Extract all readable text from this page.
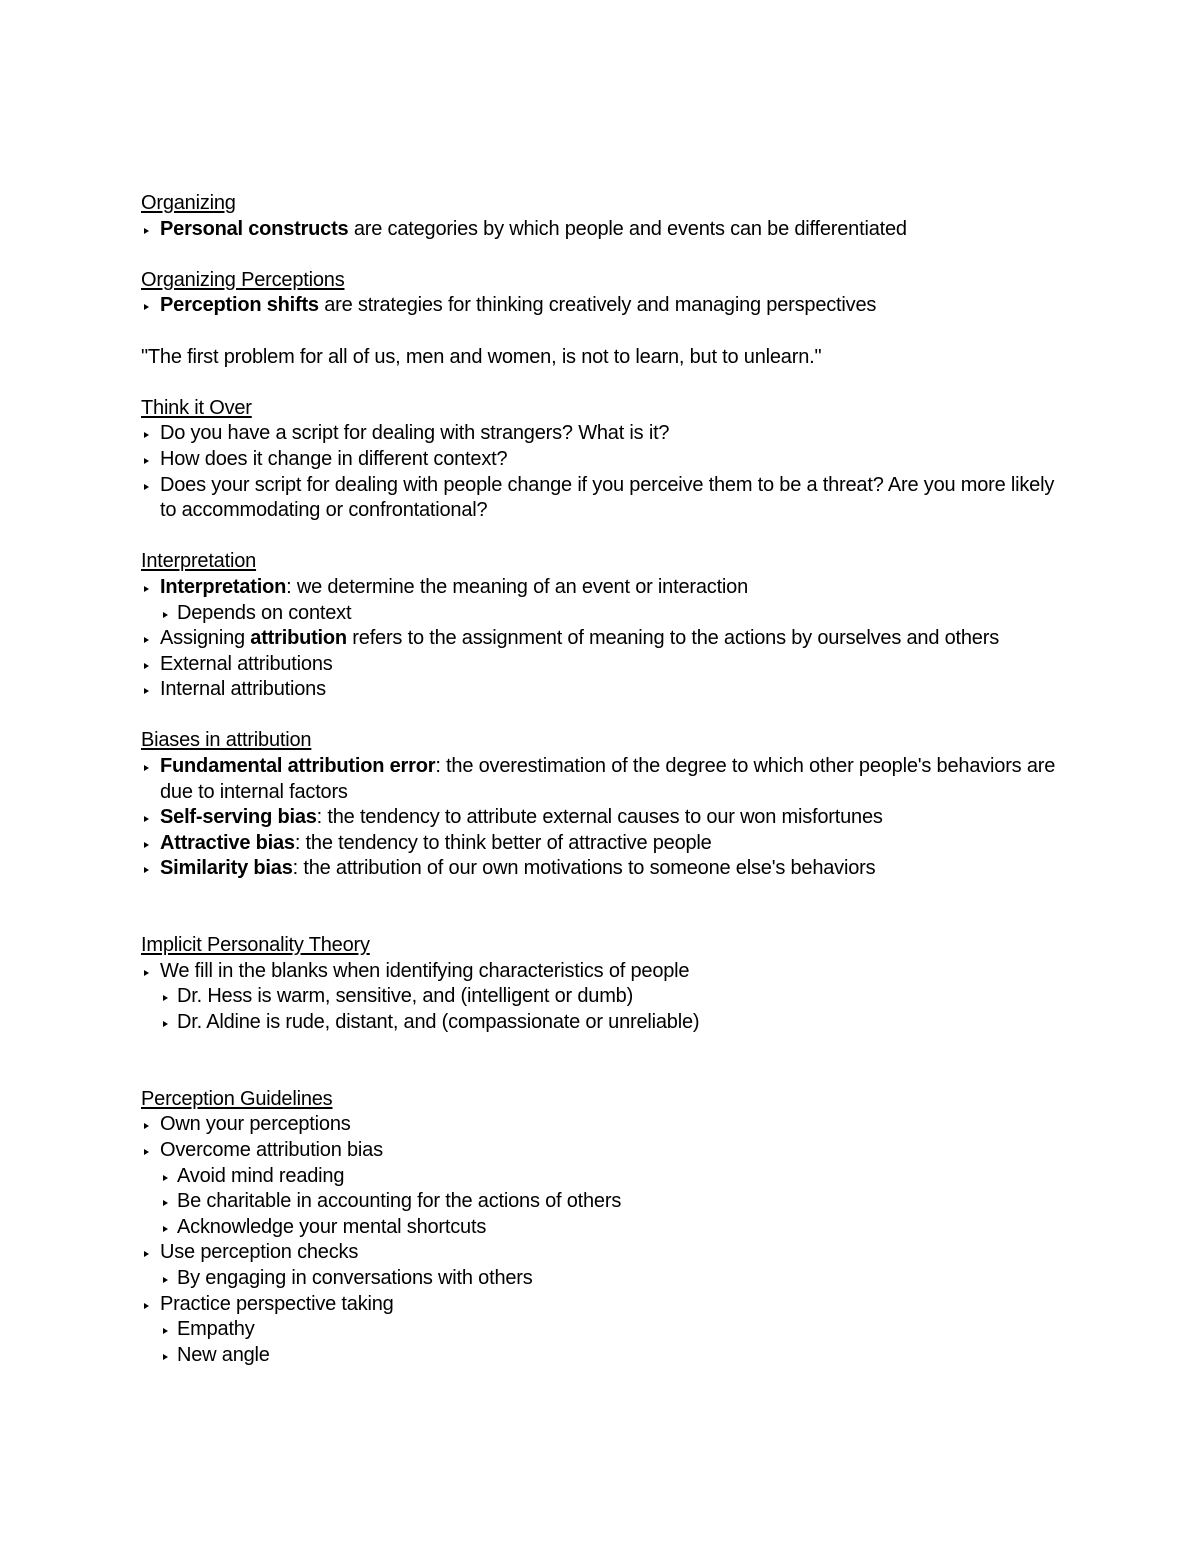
Organizing
Personal constructs are categories by which people and events can be differentiated
Organizing Perceptions
Perception shifts are strategies for thinking creatively and managing perspectives
"The first problem for all of us, men and women, is not to learn, but to unlearn."
Think it Over
Do you have a script for dealing with strangers? What is it?
How does it change in different context?
Does your script for dealing with people change if you perceive them to be a threat? Are you more likely to accommodating or confrontational?
Interpretation
Interpretation: we determine the meaning of an event or interaction
Depends on context
Assigning attribution refers to the assignment of meaning to the actions by ourselves and others
External attributions
Internal attributions
Biases in attribution
Fundamental attribution error: the overestimation of the degree to which other people's behaviors are due to internal factors
Self-serving bias: the tendency to attribute external causes to our won misfortunes
Attractive bias: the tendency to think better of attractive people
Similarity bias: the attribution of our own motivations to someone else's behaviors
Implicit Personality Theory
We fill in the blanks when identifying characteristics of people
Dr. Hess is warm, sensitive, and (intelligent or dumb)
Dr. Aldine is rude, distant, and (compassionate or unreliable)
Perception Guidelines
Own your perceptions
Overcome attribution bias
Avoid mind reading
Be charitable in accounting for the actions of others
Acknowledge your mental shortcuts
Use perception checks
By engaging in conversations with others
Practice perspective taking
Empathy
New angle
